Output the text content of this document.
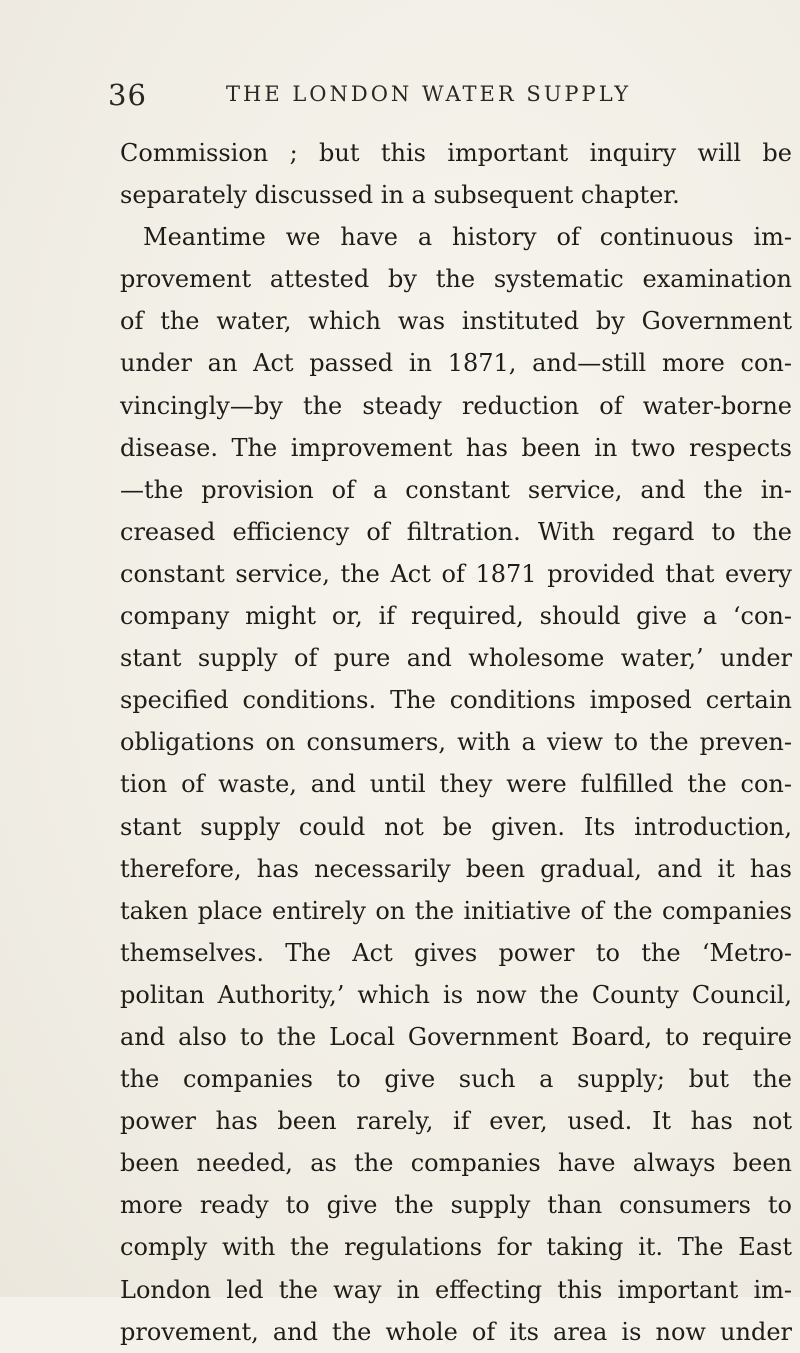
36	THE LONDON WATER SUPPLY
Commission ; but this important inquiry will be
separately discussed in a subsequent chapter.
Meantime we have a history of continuous im-
provement attested by the systematic examination
of the water, which was instituted by Government
under an Act passed in 1871, and—still more con-
vincingly—by the steady reduction of water-borne
disease. The improvement has been in two respects
—the provision of a constant service, and the in-
creased efficiency of filtration. With regard to the
constant service, the Act of 1871 provided that every
company might or, if required, should give a ‘con-
stant supply of pure and wholesome water,’ under
specified conditions. The conditions imposed certain
obligations on consumers, with a view to the preven-
tion of waste, and until they were fulfilled the con-
stant supply could not be given. Its introduction,
therefore, has necessarily been gradual, and it has
taken place entirely on the initiative of the companies
themselves. The Act gives power to the ‘Metro-
politan Authority,’ which is now the County Council,
and also to the Local Government Board, to require
the companies to give such a supply; but the
power has been rarely, if ever, used. It has not
been needed, as the companies have always been
more ready to give the supply than consumers to
comply with the regulations for taking it. The East
London led the way in effecting this important im-
provement, and the whole of its area is now under
